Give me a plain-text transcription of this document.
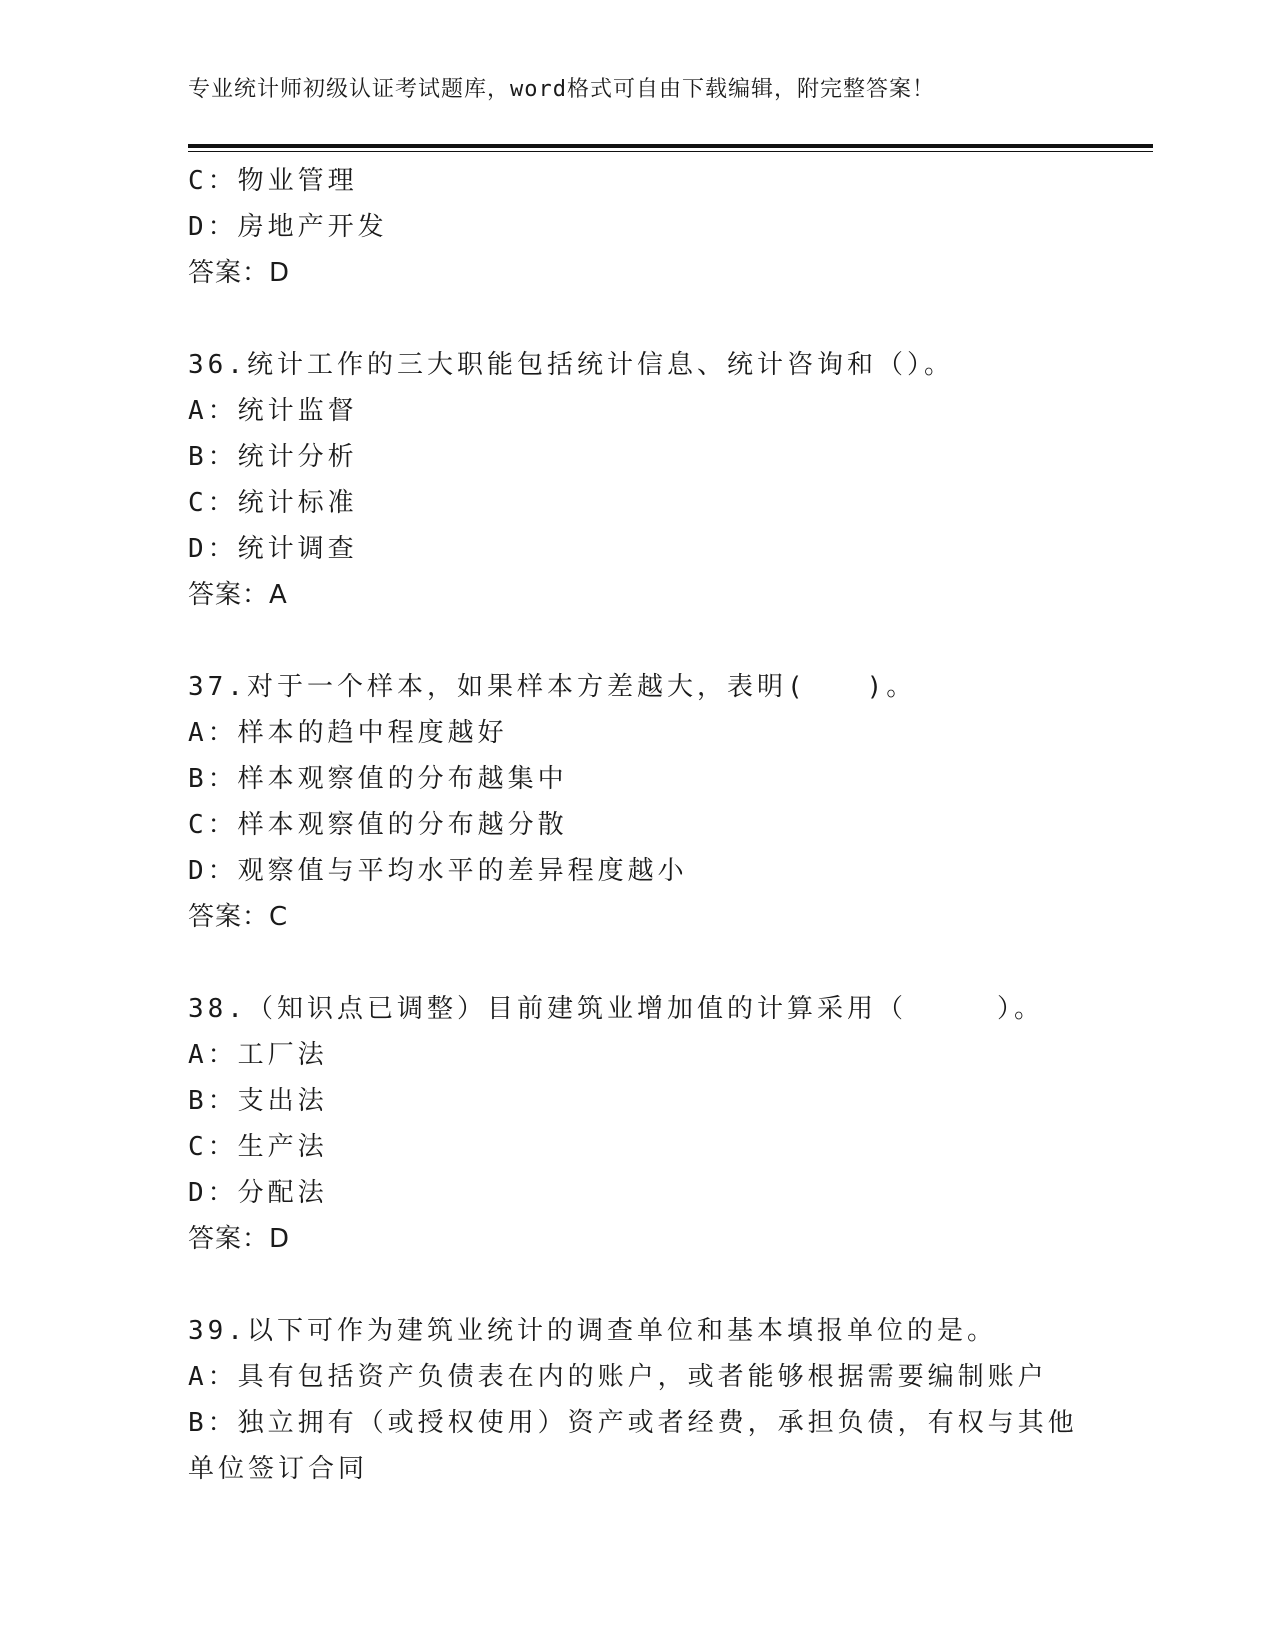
专业统计师初级认证考试题库，word格式可自由下载编辑，附完整答案！
C：物业管理
D：房地产开发
答案：D
36.统计工作的三大职能包括统计信息、统计咨询和（）。
A：统计监督
B：统计分析
C：统计标准
D：统计调查
答案：A
37.对于一个样本，如果样本方差越大，表明(　　)。
A：样本的趋中程度越好
B：样本观察值的分布越集中
C：样本观察值的分布越分散
D：观察值与平均水平的差异程度越小
答案：C
38.（知识点已调整）目前建筑业增加值的计算采用（　　　）。
A：工厂法
B：支出法
C：生产法
D：分配法
答案：D
39.以下可作为建筑业统计的调查单位和基本填报单位的是。
A：具有包括资产负债表在内的账户，或者能够根据需要编制账户
B：独立拥有（或授权使用）资产或者经费，承担负债，有权与其他单位签订合同
